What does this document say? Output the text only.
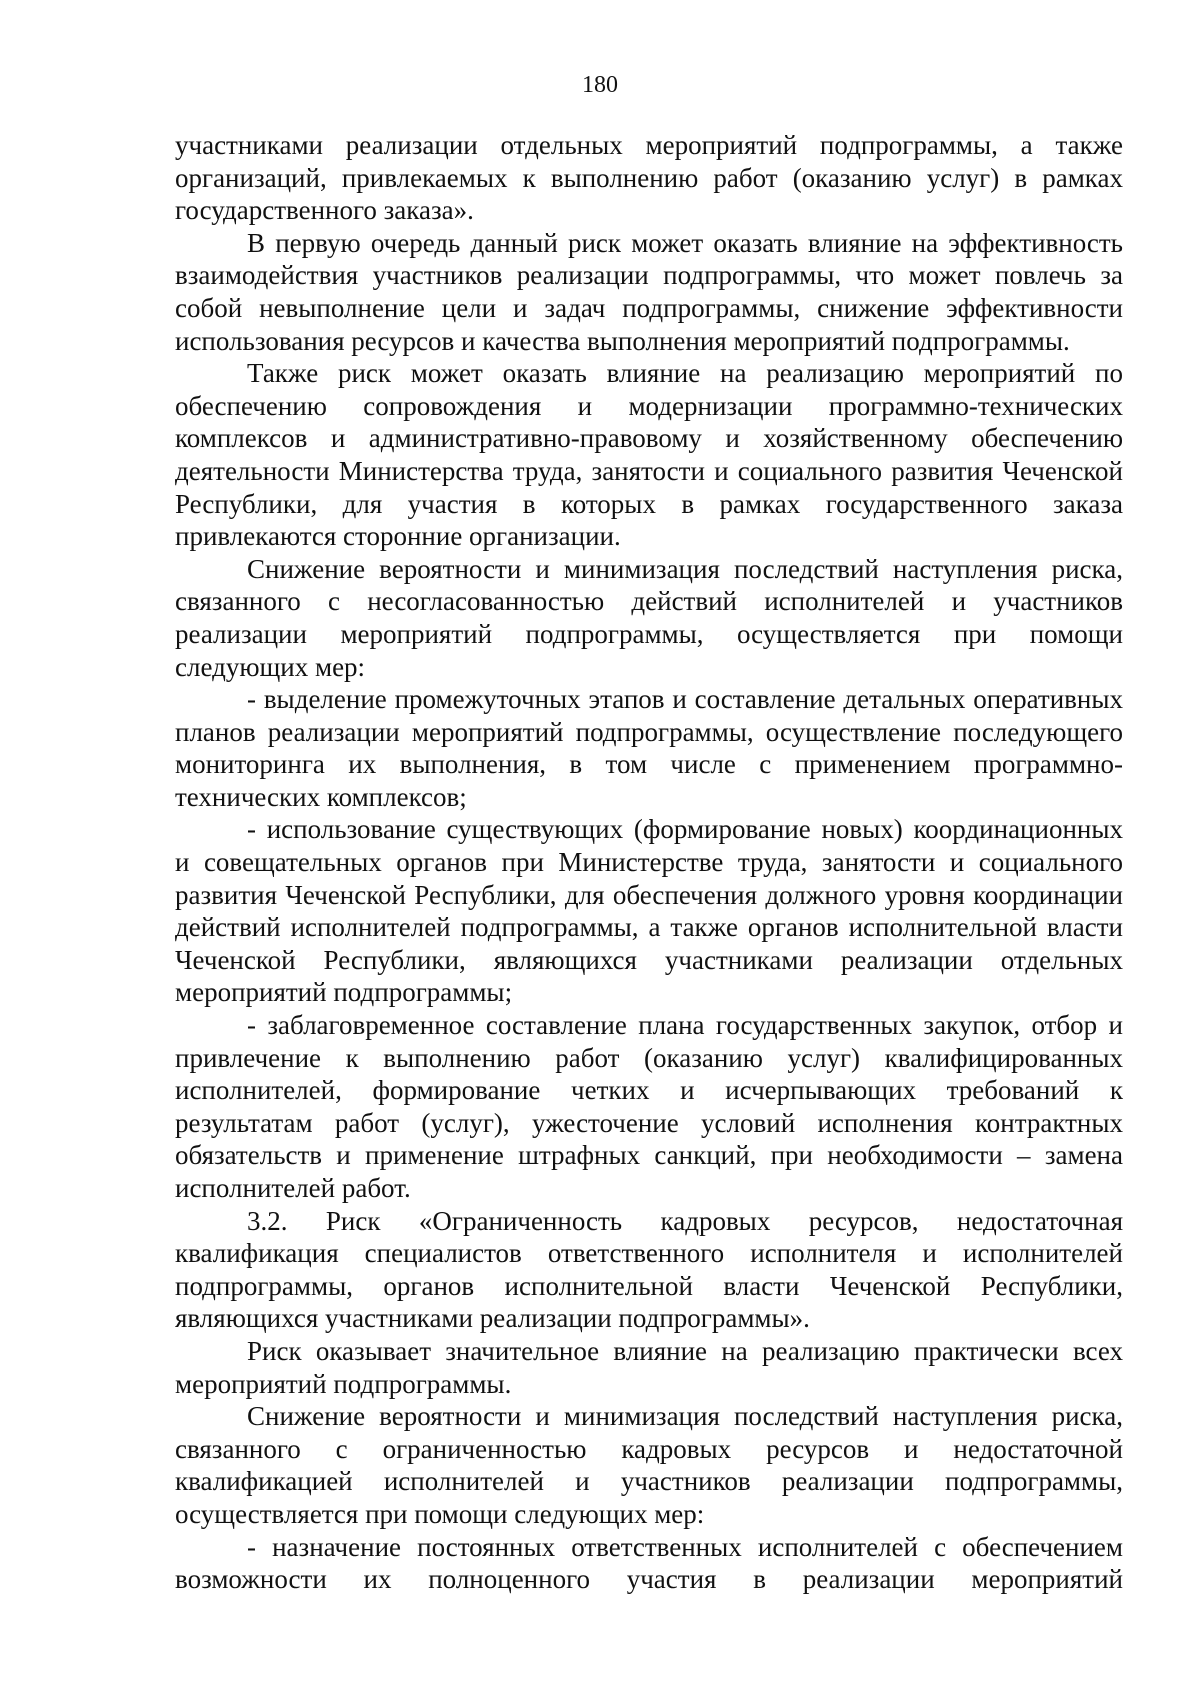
180

участниками реализации отдельных мероприятий подпрограммы, а также организаций, привлекаемых к выполнению работ (оказанию услуг) в рамках государственного заказа».

В первую очередь данный риск может оказать влияние на эффективность взаимодействия участников реализации подпрограммы, что может повлечь за собой невыполнение цели и задач подпрограммы, снижение эффективности использования ресурсов и качества выполнения мероприятий подпрограммы.

Также риск может оказать влияние на реализацию мероприятий по обеспечению сопровождения и модернизации программно-технических комплексов и административно-правовому и хозяйственному обеспечению деятельности Министерства труда, занятости и социального развития Чеченской Республики, для участия в которых в рамках государственного заказа привлекаются сторонние организации.

Снижение вероятности и минимизация последствий наступления риска, связанного с несогласованностью действий исполнителей и участников реализации мероприятий подпрограммы, осуществляется при помощи следующих мер:

- выделение промежуточных этапов и составление детальных оперативных планов реализации мероприятий подпрограммы, осуществление последующего мониторинга их выполнения, в том числе с применением программно-технических комплексов;

- использование существующих (формирование новых) координационных и совещательных органов при Министерстве труда, занятости и социального развития Чеченской Республики, для обеспечения должного уровня координации действий исполнителей подпрограммы, а также органов исполнительной власти Чеченской Республики, являющихся участниками реализации отдельных мероприятий подпрограммы;

- заблаговременное составление плана государственных закупок, отбор и привлечение к выполнению работ (оказанию услуг) квалифицированных исполнителей, формирование четких и исчерпывающих требований к результатам работ (услуг), ужесточение условий исполнения контрактных обязательств и применение штрафных санкций, при необходимости – замена исполнителей работ.

3.2. Риск «Ограниченность кадровых ресурсов, недостаточная квалификация специалистов ответственного исполнителя и исполнителей подпрограммы, органов исполнительной власти Чеченской Республики, являющихся участниками реализации подпрограммы».

Риск оказывает значительное влияние на реализацию практически всех мероприятий подпрограммы.

Снижение вероятности и минимизация последствий наступления риска, связанного с ограниченностью кадровых ресурсов и недостаточной квалификацией исполнителей и участников реализации подпрограммы, осуществляется при помощи следующих мер:

- назначение постоянных ответственных исполнителей с обеспечением возможности их полноценного участия в реализации мероприятий
